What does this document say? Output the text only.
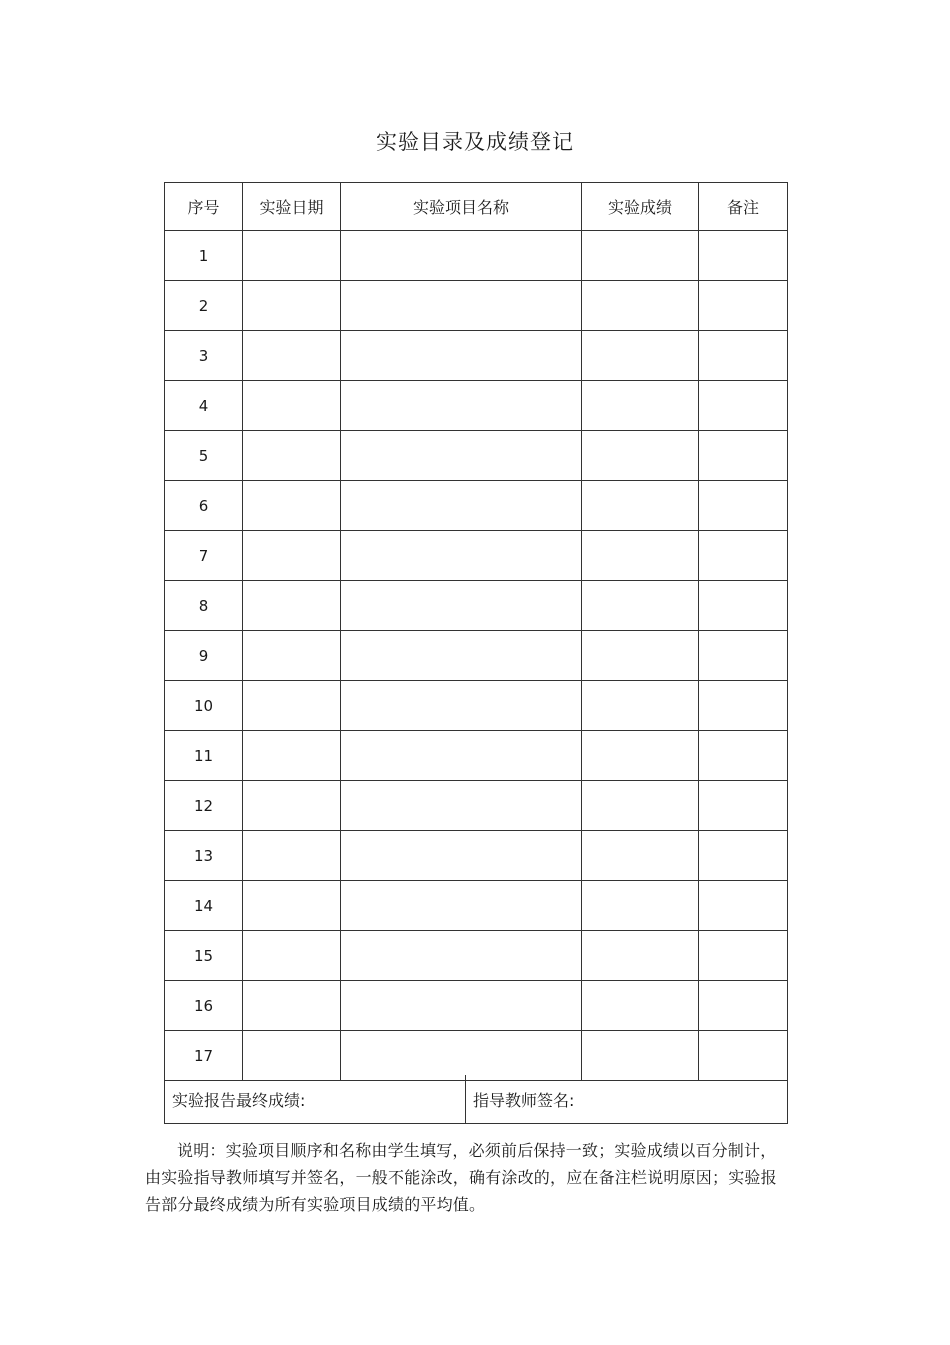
实验目录及成绩登记
序号	实验日期	实验项目名称	实验成绩	备注
1				
2				
3				
4				
5				
6				
7				
8				
9				
10				
11				
12				
13				
14				
15				
16				
17				
实验报告最终成绩:	指导教师签名:
说明：实验项目顺序和名称由学生填写，必须前后保持一致；实验成绩以百分制计，由实验指导教师填写并签名，一般不能涂改，确有涂改的，应在备注栏说明原因；实验报告部分最终成绩为所有实验项目成绩的平均值。
